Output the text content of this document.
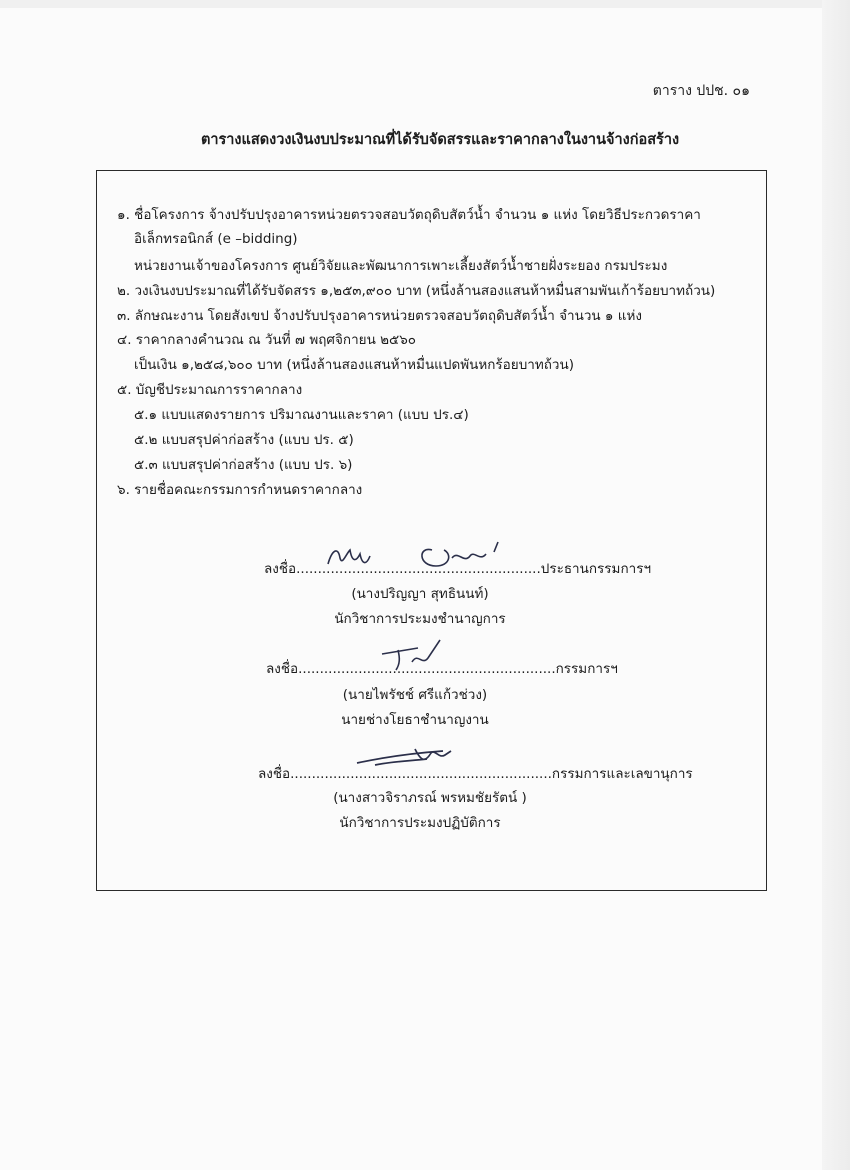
ตาราง ปปช. ๐๑
ตารางแสดงวงเงินงบประมาณที่ได้รับจัดสรรและราคากลางในงานจ้างก่อสร้าง
๑. ชื่อโครงการ จ้างปรับปรุงอาคารหน่วยตรวจสอบวัตถุดิบสัตว์น้ำ จำนวน ๑ แห่ง โดยวิธีประกวดราคา
อิเล็กทรอนิกส์ (e –bidding)
หน่วยงานเจ้าของโครงการ ศูนย์วิจัยและพัฒนาการเพาะเลี้ยงสัตว์น้ำชายฝั่งระยอง กรมประมง
๒. วงเงินงบประมาณที่ได้รับจัดสรร ๑,๒๕๓,๙๐๐ บาท (หนึ่งล้านสองแสนห้าหมื่นสามพันเก้าร้อยบาทถ้วน)
๓. ลักษณะงาน โดยสังเขป จ้างปรับปรุงอาคารหน่วยตรวจสอบวัตถุดิบสัตว์น้ำ จำนวน ๑ แห่ง
๔. ราคากลางคำนวณ ณ วันที่ ๗ พฤศจิกายน ๒๕๖๐
เป็นเงิน ๑,๒๕๘,๖๐๐ บาท (หนึ่งล้านสองแสนห้าหมื่นแปดพันหกร้อยบาทถ้วน)
๕. บัญชีประมาณการราคากลาง
๕.๑ แบบแสดงรายการ ปริมาณงานและราคา (แบบ ปร.๔)
๕.๒ แบบสรุปค่าก่อสร้าง (แบบ ปร. ๕)
๕.๓ แบบสรุปค่าก่อสร้าง (แบบ ปร. ๖)
๖. รายชื่อคณะกรรมการกำหนดราคากลาง
ลงชื่อ.........................................................ประธานกรรมการฯ
(นางปริญญา สุทธินนท์)
นักวิชาการประมงชำนาญการ
ลงชื่อ............................................................กรรมการฯ
(นายไพรัชช์ ศรีแก้วช่วง)
นายช่างโยธาชำนาญงาน
ลงชื่อ.............................................................กรรมการและเลขานุการ
(นางสาวจิราภรณ์ พรหมชัยรัตน์ )
นักวิชาการประมงปฏิบัติการ
